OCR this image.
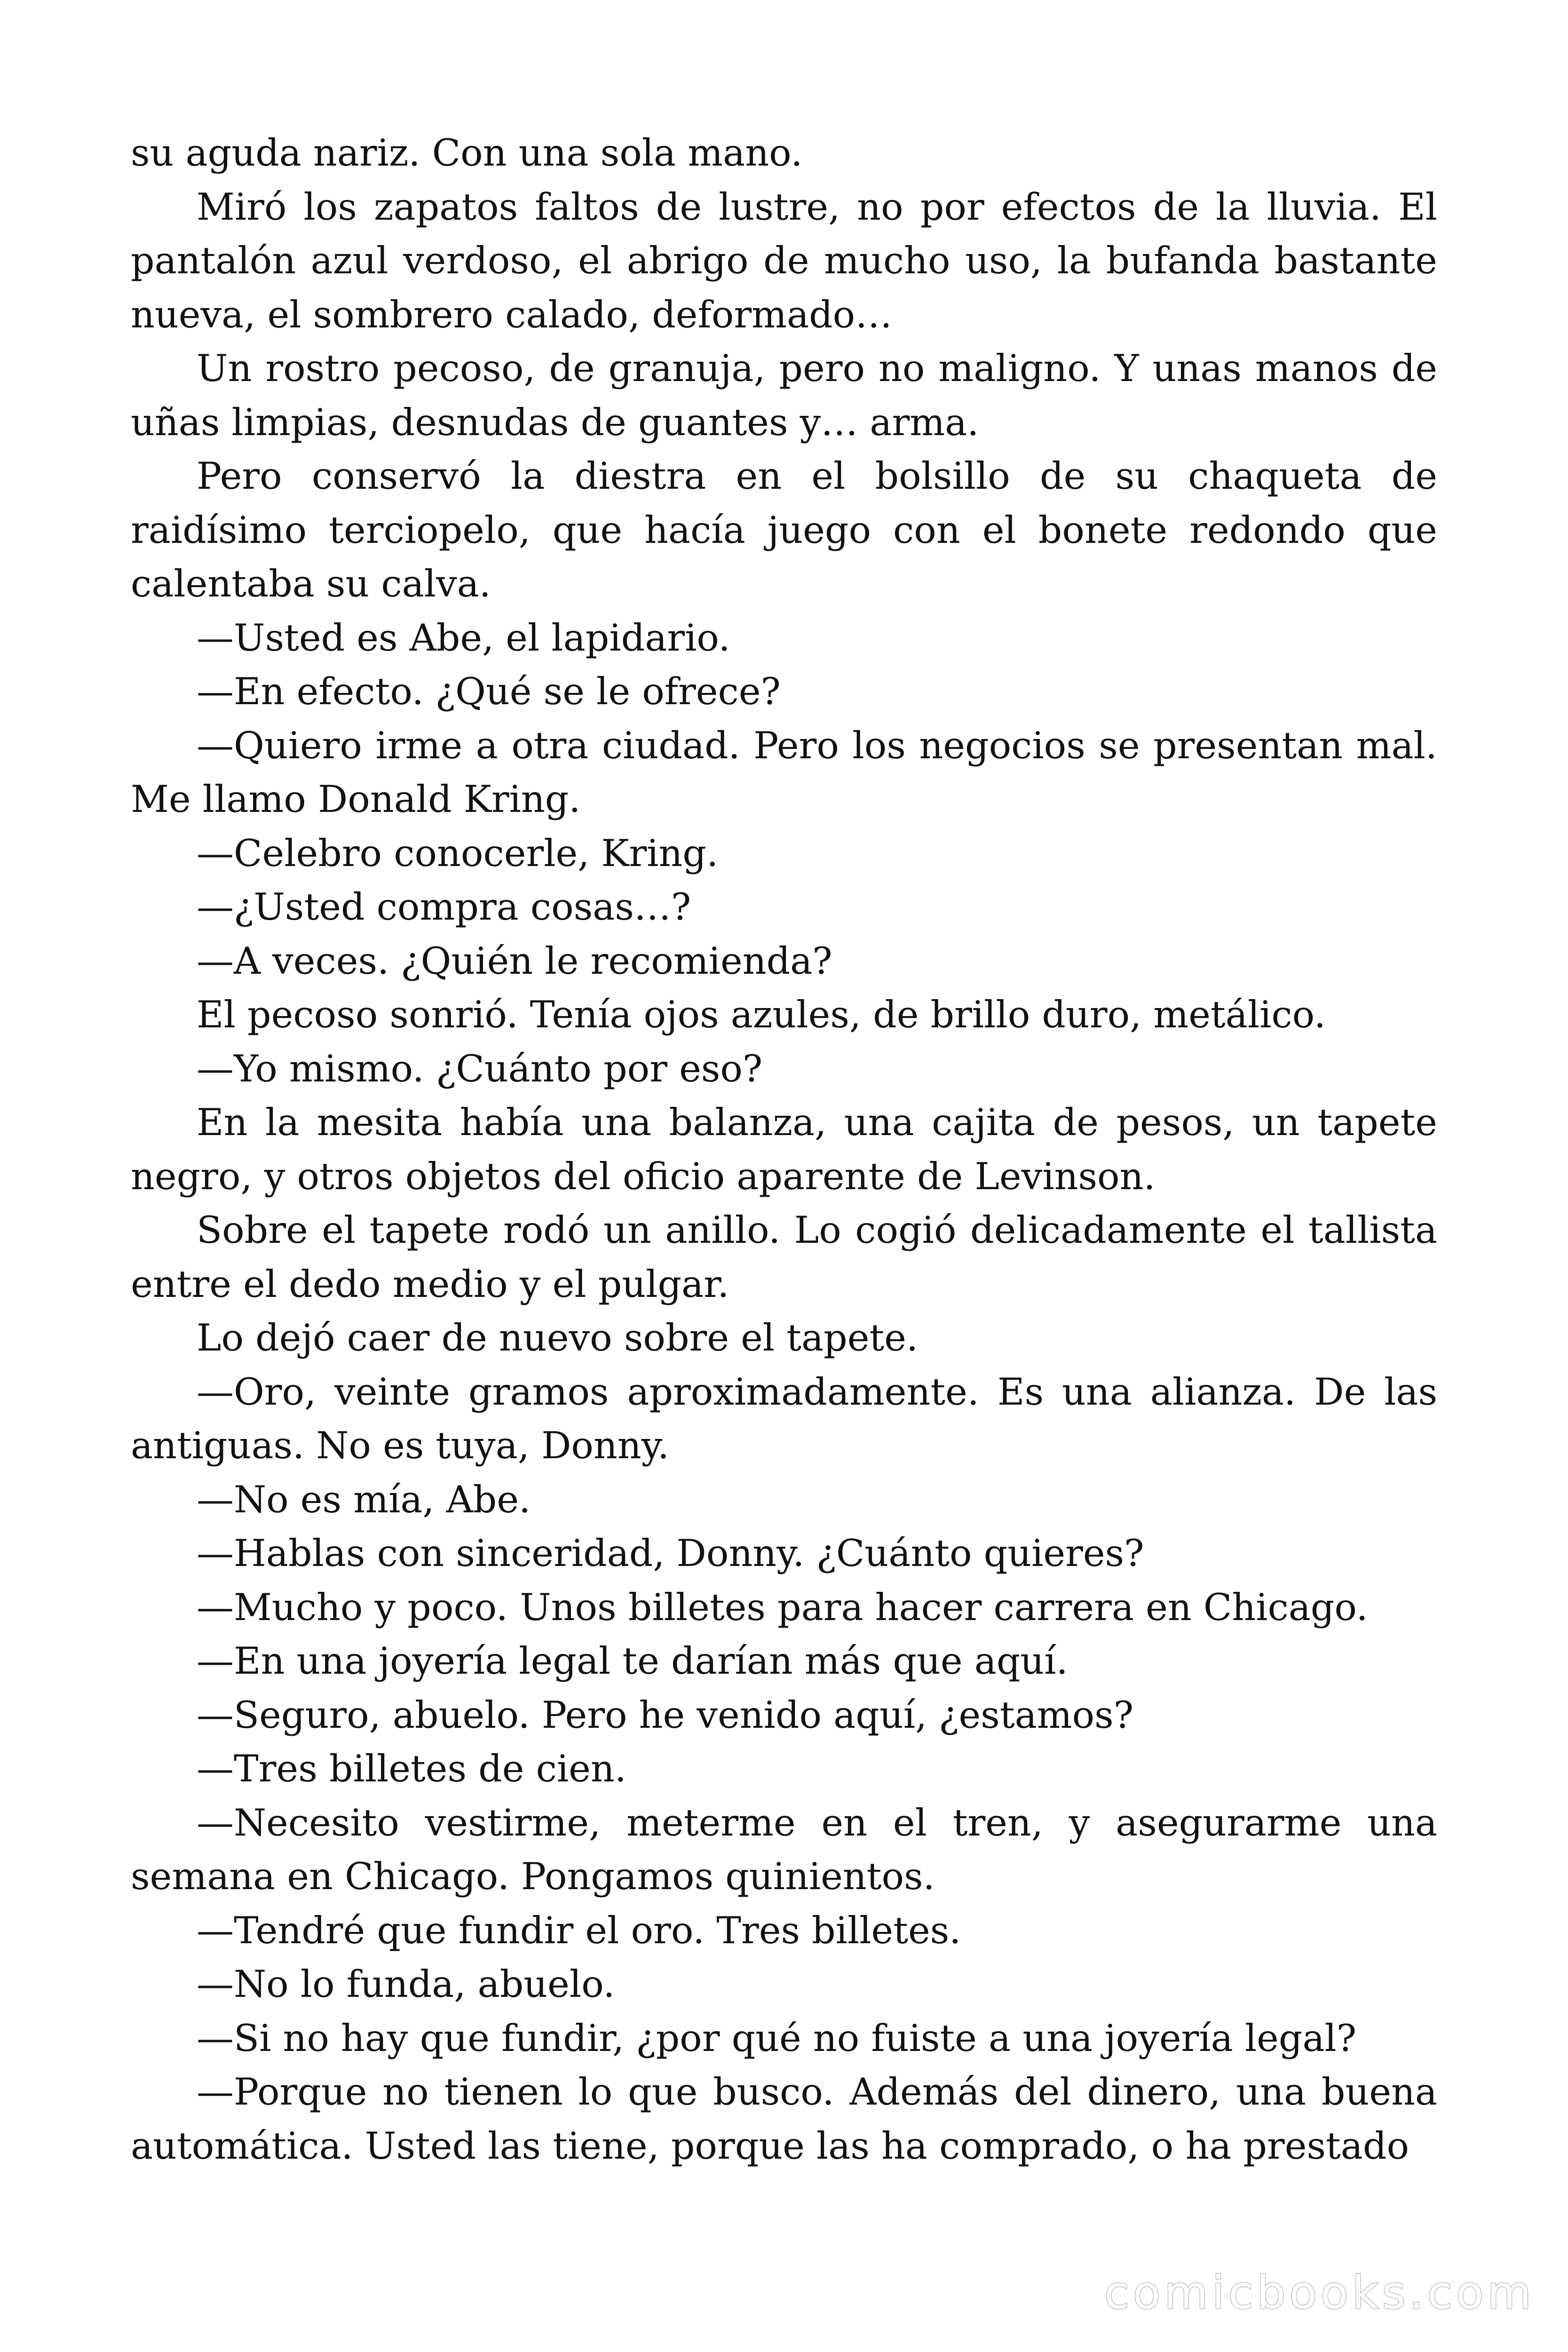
su aguda nariz. Con una sola mano.

Miró los zapatos faltos de lustre, no por efectos de la lluvia. El pantalón azul verdoso, el abrigo de mucho uso, la bufanda bastante nueva, el sombrero calado, deformado…

Un rostro pecoso, de granuja, pero no maligno. Y unas manos de uñas limpias, desnudas de guantes y… arma.

Pero conservó la diestra en el bolsillo de su chaqueta de raidísimo terciopelo, que hacía juego con el bonete redondo que calentaba su calva.

—Usted es Abe, el lapidario.

—En efecto. ¿Qué se le ofrece?

—Quiero irme a otra ciudad. Pero los negocios se presentan mal. Me llamo Donald Kring.

—Celebro conocerle, Kring.

—¿Usted compra cosas…?

—A veces. ¿Quién le recomienda?

El pecoso sonrió. Tenía ojos azules, de brillo duro, metálico.

—Yo mismo. ¿Cuánto por eso?

En la mesita había una balanza, una cajita de pesos, un tapete negro, y otros objetos del oficio aparente de Levinson.

Sobre el tapete rodó un anillo. Lo cogió delicadamente el tallista entre el dedo medio y el pulgar.

Lo dejó caer de nuevo sobre el tapete.

—Oro, veinte gramos aproximadamente. Es una alianza. De las antiguas. No es tuya, Donny.

—No es mía, Abe.

—Hablas con sinceridad, Donny. ¿Cuánto quieres?

—Mucho y poco. Unos billetes para hacer carrera en Chicago.

—En una joyería legal te darían más que aquí.

—Seguro, abuelo. Pero he venido aquí, ¿estamos?

—Tres billetes de cien.

—Necesito vestirme, meterme en el tren, y asegurarme una semana en Chicago. Pongamos quinientos.

—Tendré que fundir el oro. Tres billetes.

—No lo funda, abuelo.

—Si no hay que fundir, ¿por qué no fuiste a una joyería legal?

—Porque no tienen lo que busco. Además del dinero, una buena automática. Usted las tiene, porque las ha comprado, o ha prestado

comicbooks.com
